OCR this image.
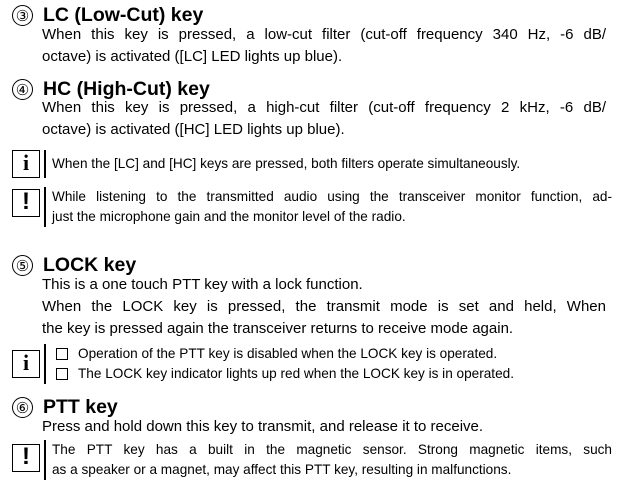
③ LC (Low-Cut) key

When this key is pressed, a low-cut filter (cut-off frequency 340 Hz, -6 dB/

octave) is activated ([LC] LED lights up blue).

④ HC (High-Cut) key

When this key is pressed, a high-cut filter (cut-off frequency 2 kHz, -6 dB/

octave) is activated ([HC] LED lights up blue).

i	When the [LC] and [HC] keys are pressed, both filters operate simultaneously.

!	While listening to the transmitted audio using the transceiver monitor function, ad-

just the microphone gain and the monitor level of the radio.

⑤ LOCK key

This is a one touch PTT key with a lock function.

When the LOCK key is pressed, the transmit mode is set and held, When

the key is pressed again the transceiver returns to receive mode again.

i	Operation of the PTT key is disabled when the LOCK key is operated.
The LOCK key indicator lights up red when the LOCK key is in operated.
⑥ PTT key

Press and hold down this key to transmit, and release it to receive.

!	The PTT key has a built in the magnetic sensor. Strong magnetic items, such

as a speaker or a magnet, may affect this PTT key, resulting in malfunctions.
